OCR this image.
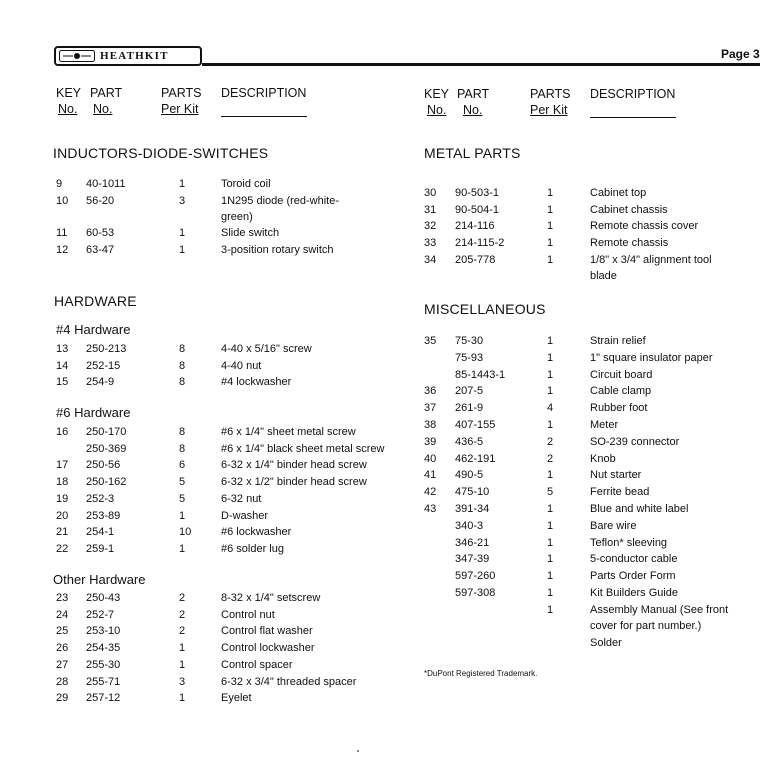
HEATHKIT	Page 3
KEY
No.
PART
No.
PARTS
Per Kit
DESCRIPTION	KEY
No.
PART
No.
PARTS
Per Kit
DESCRIPTION
INDUCTORS-DIODE-SWITCHES
HARDWARE
#4 Hardware
#6 Hardware
Other Hardware
METAL PARTS
MISCELLANEOUS
9 40-1011	1	Toroid coil
10 56-20	3	1N295 diode (red-white-
green)
11 60-53	1	Slide switch
12 63-47	1	3-position rotary switch
13 250-213	8	4-40 x 5/16" screw
14 252-15	8	4-40 nut
15 254-9	8	#4 lockwasher
16 250-170	8	#6 x 1/4" sheet metal screw
250-369	8	#6 x 1/4" black sheet metal screw
17 250-56	6	6-32 x 1/4" binder head screw
18 250-162	5	6-32 x 1/2" binder head screw
19 252-3	5	6-32 nut
20 253-89	1	D-washer
21 254-1	10	#6 lockwasher
22 259-1	1	#6 solder lug
23 250-43	2	8-32 x 1/4" setscrew
24 252-7	2	Control nut
25 253-10	2	Control flat washer
26 254-35	1	Control lockwasher
27 255-30	1	Control spacer
28 255-71	3	6-32 x 3/4" threaded spacer
29 257-12	1	Eyelet
30 90-503-1	1	Cabinet top
31 90-504-1	1	Cabinet chassis
32 214-116	1	Remote chassis cover
33 214-115-2	1	Remote chassis
34 205-778	1	1/8" x 3/4" alignment tool
blade
35 75-30	1	Strain relief
75-93	1	1" square insulator paper
85-1443-1	1	Circuit board
36 207-5	1	Cable clamp
37 261-9	4	Rubber foot
38 407-155	1	Meter
39 436-5	2	SO-239 connector
40 462-191	2	Knob
41 490-5	1	Nut starter
42 475-10	5	Ferrite bead
43 391-34	1	Blue and white label
340-3	1	Bare wire
346-21	1	Teflon* sleeving
347-39	1	5-conductor cable
597-260	1	Parts Order Form
597-308	1	Kit Builders Guide
1	Assembly Manual (See front
cover for part number.)
Solder
*DuPont Registered Trademark.
